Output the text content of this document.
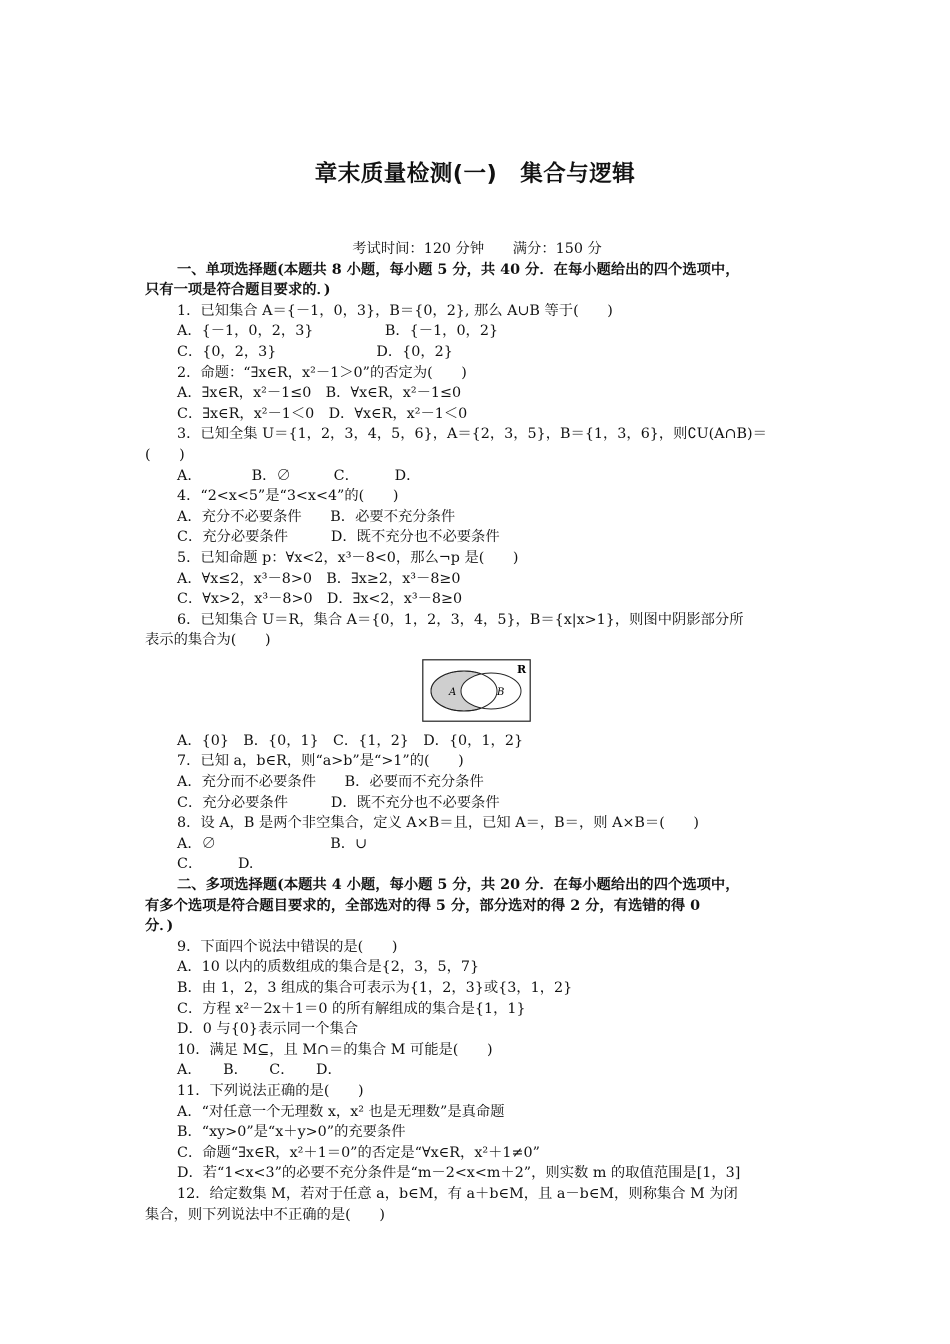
章末质量检测(一)　集合与逻辑
考试时间：120 分钟　　满分：150 分
一、单项选择题(本题共 8 小题，每小题 5 分，共 40 分．在每小题给出的四个选项中，
只有一项是符合题目要求的．)
1．已知集合 A＝{－1，0，3}，B＝{0，2}, 那么 A∪B 等于(　　)
A．{－1，0，2，3}　　　　　B．{－1，0，2}
C．{0，2，3}　　　　　　　D．{0，2}
2．命题：“∃x∈R，x²－1＞0”的否定为(　　)
A．∃x∈R，x²－1≤0　B．∀x∈R，x²－1≤0
C．∃x∈R，x²－1＜0　D．∀x∈R，x²－1＜0
3．已知全集 U＝{1，2，3，4，5，6}，A＝{2，3，5}，B＝{1，3，6}，则∁U(A∩B)＝
(　　)
A．　　　　B．∅　　　C．　　　D．
4．“2<x<5”是“3<x<4”的(　　)
A．充分不必要条件　　B．必要不充分条件
C．充分必要条件　　　D．既不充分也不必要条件
5．已知命题 p：∀x<2，x³－8<0，那么¬p 是(　　)
A．∀x≤2，x³－8>0　B．∃x≥2，x³－8≥0
C．∀x>2，x³－8>0　D．∃x<2，x³－8≥0
6．已知集合 U＝R，集合 A＝{0，1，2，3，4，5}，B＝{x|x>1}，则图中阴影部分所
表示的集合为(　　)
R
A	B
A．{0}　B．{0，1}　C．{1，2}　D．{0，1，2}
7．已知 a，b∈R，则“a>b”是“>1”的(　　)
A．充分而不必要条件　　B．必要而不充分条件
C．充分必要条件　　　D．既不充分也不必要条件
8．设 A，B 是两个非空集合，定义 A×B＝且，已知 A＝，B＝，则 A×B＝(　　)
A．∅　　　　　　　　B．∪
C．　　　D.
二、多项选择题(本题共 4 小题，每小题 5 分，共 20 分．在每小题给出的四个选项中，
有多个选项是符合题目要求的，全部选对的得 5 分，部分选对的得 2 分，有选错的得 0
分．)
9．下面四个说法中错误的是(　　)
A．10 以内的质数组成的集合是{2，3，5，7}
B．由 1，2，3 组成的集合可表示为{1，2，3}或{3，1，2}
C．方程 x²－2x＋1＝0 的所有解组成的集合是{1，1}
D．0 与{0}表示同一个集合
10．满足 M⊆，且 M∩＝的集合 M 可能是(　　)
A．　　B．　　C．　　D．
11．下列说法正确的是(　　)
A．“对任意一个无理数 x，x² 也是无理数”是真命题
B．“xy>0”是“x＋y>0”的充要条件
C．命题“∃x∈R，x²＋1＝0”的否定是“∀x∈R，x²＋1≠0”
D．若“1<x<3”的必要不充分条件是“m－2<x<m＋2”，则实数 m 的取值范围是[1，3]
12．给定数集 M，若对于任意 a，b∈M，有 a＋b∈M，且 a－b∈M，则称集合 M 为闭
集合，则下列说法中不正确的是(　　)
